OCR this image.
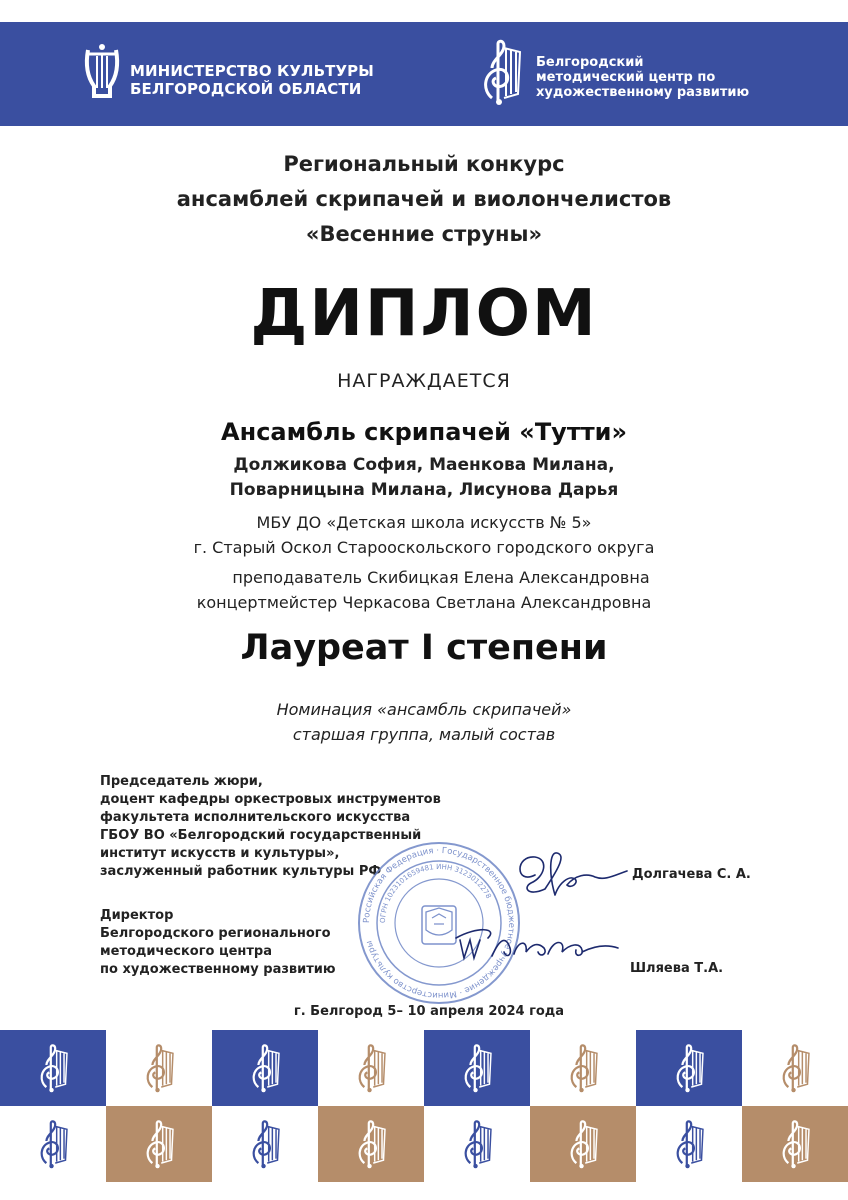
МИНИСТЕРСТВО КУЛЬТУРЫ
БЕЛГОРОДСКОЙ ОБЛАСТИ
Белгородский
методический центр по
художественному развитию
Региональный конкурс
ансамблей скрипачей и виолончелистов
«Весенние струны»
ДИПЛОМ
НАГРАЖДАЕТСЯ
Ансамбль скрипачей «Тутти»
Должикова София, Маенкова Милана,
Поварницына Милана, Лисунова Дарья
МБУ ДО «Детская школа искусств № 5»
г. Старый Оскол Старооскольского городского округа
преподаватель Скибицкая Елена Александровна
концертмейстер Черкасова Светлана Александровна
Лауреат I степени
Номинация «ансамбль скрипачей»
старшая группа, малый состав
Председатель жюри,
доцент кафедры оркестровых инструментов
факультета исполнительского искусства
ГБОУ ВО «Белгородский государственный
институт искусств и культуры»,
заслуженный работник культуры РФ	Долгачева С. А.
Директор
Белгородского регионального
методического центра
по художественному развитию	Шляева Т.А.
Российская Федерация · Государственное бюджетное учреждение · Министерство культуры
ОГРН 1023101659481 ИНН 3123012278
г. Белгород 5– 10 апреля 2024 года
